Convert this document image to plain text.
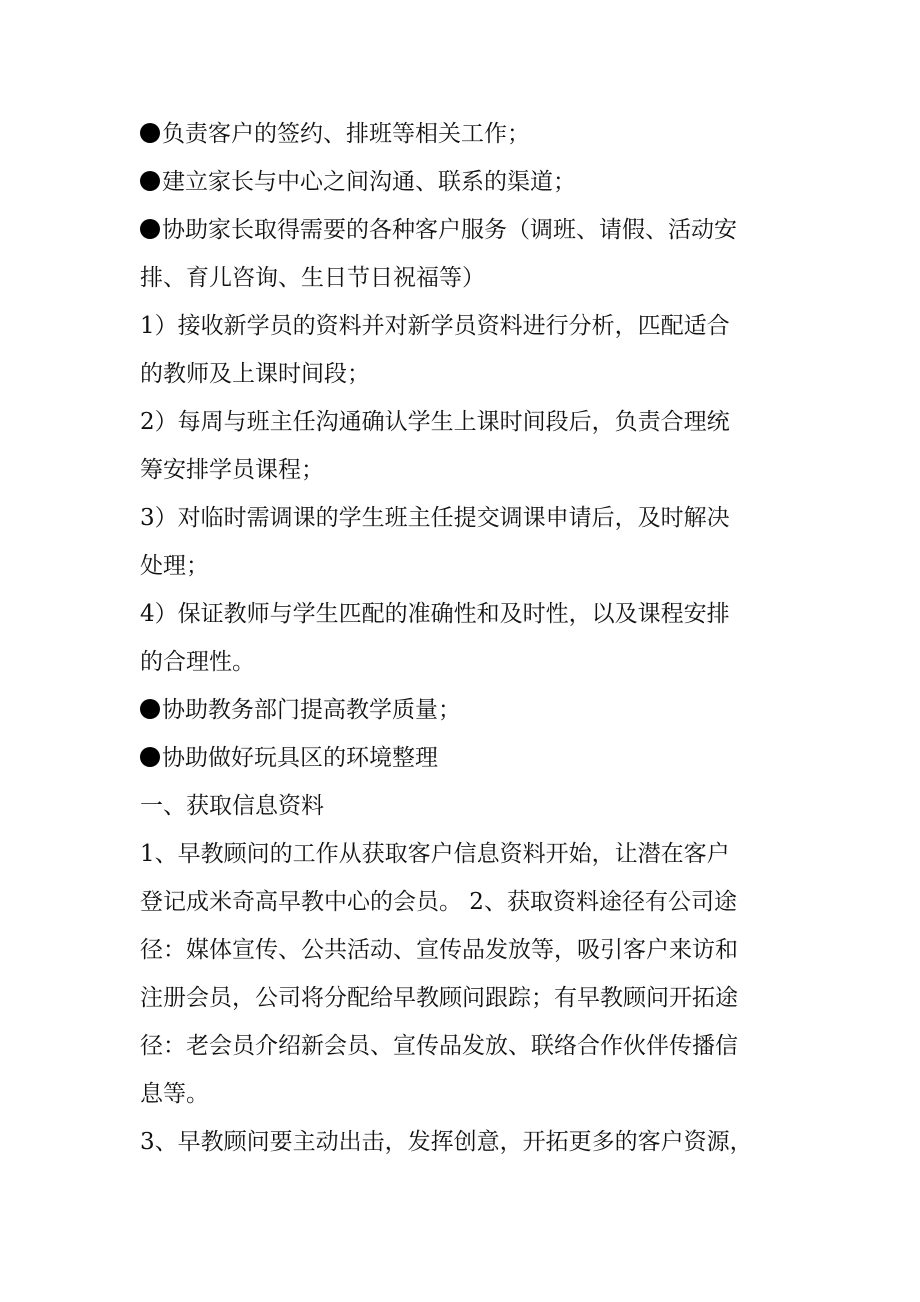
负责客户的签约、排班等相关工作；
建立家长与中心之间沟通、联系的渠道；
协助家长取得需要的各种客户服务（调班、请假、活动安
排、育儿咨询、生日节日祝福等）
1）接收新学员的资料并对新学员资料进行分析，匹配适合
的教师及上课时间段；
2）每周与班主任沟通确认学生上课时间段后，负责合理统
筹安排学员课程；
3）对临时需调课的学生班主任提交调课申请后，及时解决
处理；
4）保证教师与学生匹配的准确性和及时性，以及课程安排
的合理性。
协助教务部门提高教学质量；
协助做好玩具区的环境整理
一、获取信息资料
1、早教顾问的工作从获取客户信息资料开始，让潜在客户
登记成米奇高早教中心的会员。 2、获取资料途径有公司途
径：媒体宣传、公共活动、宣传品发放等，吸引客户来访和
注册会员，公司将分配给早教顾问跟踪；有早教顾问开拓途
径：老会员介绍新会员、宣传品发放、联络合作伙伴传播信
息等。
3、早教顾问要主动出击，发挥创意，开拓更多的客户资源，
